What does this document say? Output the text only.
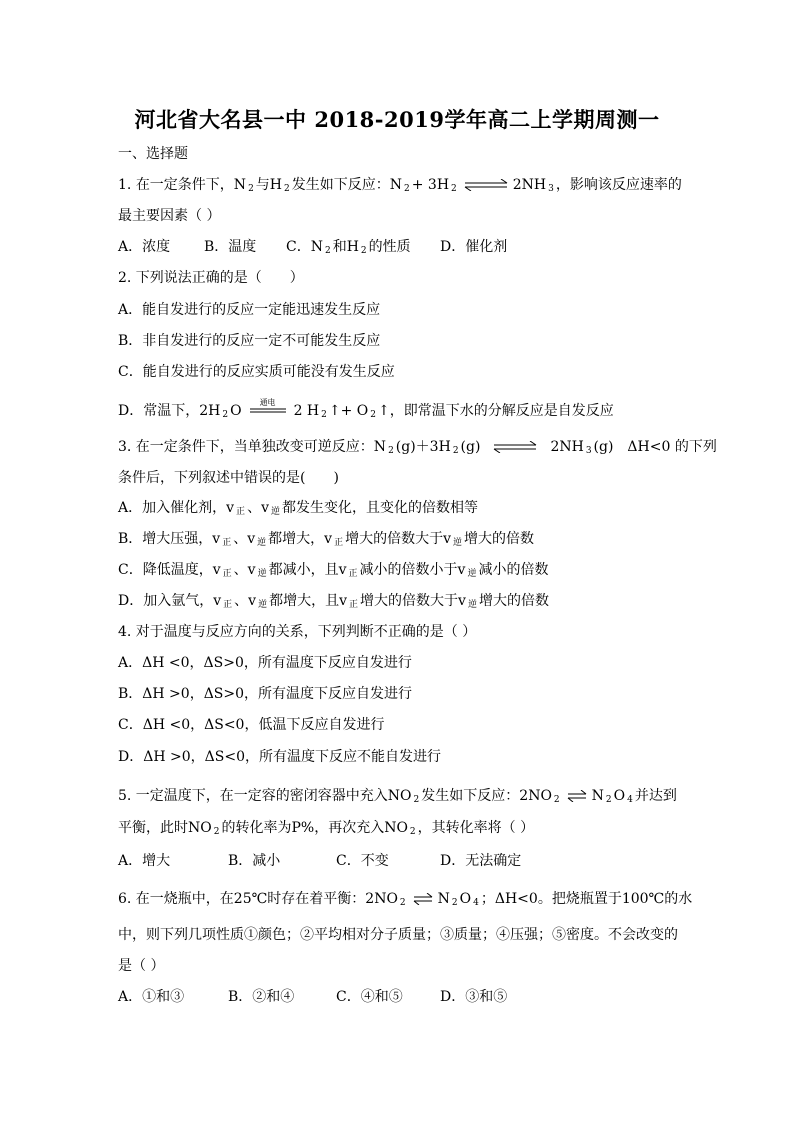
河北省大名县一中 2018-2019学年高二上学期周测一
一、选择题
1. 在一定条件下，N $_2$ 与H $_2$ 发生如下反应：N $_2$ + 3H $_2$ ⇌ 2NH $_3$ ，影响该反应速率的
最主要因素（ ）
A．浓度 B．温度 C．N $_2$ 和H $_2$ 的性质 D．催化剂
2. 下列说法正确的是（　　）
A．能自发进行的反应一定能迅速发生反应
B．非自发进行的反应一定不可能发生反应
C．能自发进行的反应实质可能没有发生反应
D．常温下，2H $_2$ O
通电
2 H $_2$ ↑+ O $_2$ ↑，即常温下水的分解反应是自发反应
3. 在一定条件下，当单独改变可逆反应：N $_2$ (g)＋3H $_2$ (g) ⇌ 2NH $_3$ (g)　ΔH<0 的下列
条件后，下列叙述中错误的是(　　)
A．加入催化剂，v $_正$ 、v $_逆$ 都发生变化，且变化的倍数相等
B．增大压强，v $_正$ 、v $_逆$ 都增大，v $_正$ 增大的倍数大于v $_逆$ 增大的倍数
C．降低温度，v $_正$ 、v $_逆$ 都减小，且v $_正$ 减小的倍数小于v $_逆$ 减小的倍数
D．加入氩气，v $_正$ 、v $_逆$ 都增大，且v $_正$ 增大的倍数大于v $_逆$ 增大的倍数
4. 对于温度与反应方向的关系，下列判断不正确的是（ ）
A．ΔH <0，ΔS>0，所有温度下反应自发进行
B．ΔH >0，ΔS>0，所有温度下反应自发进行
C．ΔH <0，ΔS<0，低温下反应自发进行
D．ΔH >0，ΔS<0，所有温度下反应不能自发进行
5. 一定温度下，在一定容的密闭容器中充入NO $_2$ 发生如下反应：2NO $_2$ ⇌ N $_2$ O $_4$ 并达到
平衡，此时NO $_2$ 的转化率为P%，再次充入NO $_2$ ，其转化率将（ ）
A．增大	B．减小	C．不变	D．无法确定
6. 在一烧瓶中，在25℃时存在着平衡：2NO $_2$ ⇌ N $_2$ O $_4$ ；ΔH<0。把烧瓶置于100℃的水
中，则下列几项性质①颜色；②平均相对分子质量；③质量；④压强；⑤密度。不会改变的
是（ ）
A．①和③	B．②和④	C．④和⑤	D．③和⑤
